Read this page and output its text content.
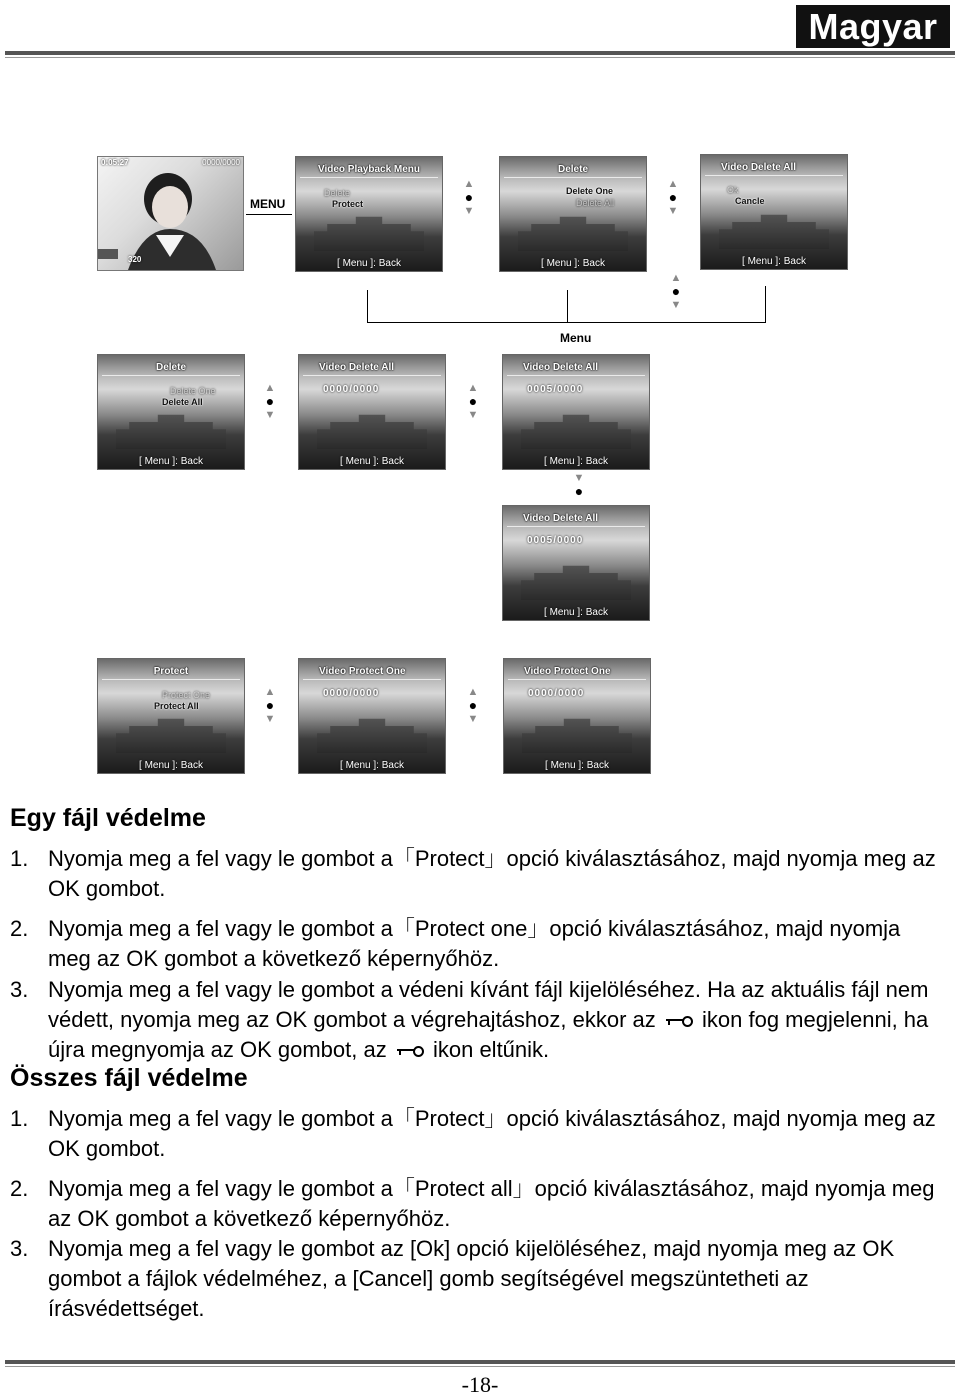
Magyar
0:05:27	0000/0000
320
MENU
Video Playback Menu
Delete
Protect
[ Menu ]: Back
▲
●
▼
Delete
Delete One
Delete All
[ Menu ]: Back
▲
●
▼
Video Delete All
Ok
Cancle
[ Menu ]: Back
▲
●
▼
Menu
Delete
Delete One
Delete All
[ Menu ]: Back
▲
●
▼
Video Delete All
0000/0000
[ Menu ]: Back
▲
●
▼
Video Delete All
0005/0000
[ Menu ]: Back
▼
●
Video Delete All
0005/0000
[ Menu ]: Back
Protect
Protect One
Protect All
[ Menu ]: Back
▲
●
▼
Video Protect One
0000/0000
[ Menu ]: Back
▲
●
▼
Video Protect One
0000/0000
[ Menu ]: Back
Egy fájl védelme
1. Nyomja meg a fel vagy le gombot a「Protect」opció kiválasztásához, majd nyomja meg az OK gombot.
2. Nyomja meg a fel vagy le gombot a「Protect one」opció kiválasztásához, majd nyomja meg az OK gombot a következő képernyőhöz.
3. Nyomja meg a fel vagy le gombot a védeni kívánt fájl kijelöléséhez. Ha az aktuális fájl nem védett, nyomja meg az OK gombot a végrehajtáshoz, ekkor az ikon fog megjelenni, ha újra megnyomja az OK gombot, az ikon eltűnik.
Összes fájl védelme
1. Nyomja meg a fel vagy le gombot a「Protect」opció kiválasztásához, majd nyomja meg az OK gombot.
2. Nyomja meg a fel vagy le gombot a「Protect all」opció kiválasztásához, majd nyomja meg az OK gombot a következő képernyőhöz.
3. Nyomja meg a fel vagy le gombot az [Ok] opció kijelöléséhez, majd nyomja meg az OK gombot a fájlok védelméhez, a [Cancel] gomb segítségével megszüntetheti az írásvédettséget.
-18-
